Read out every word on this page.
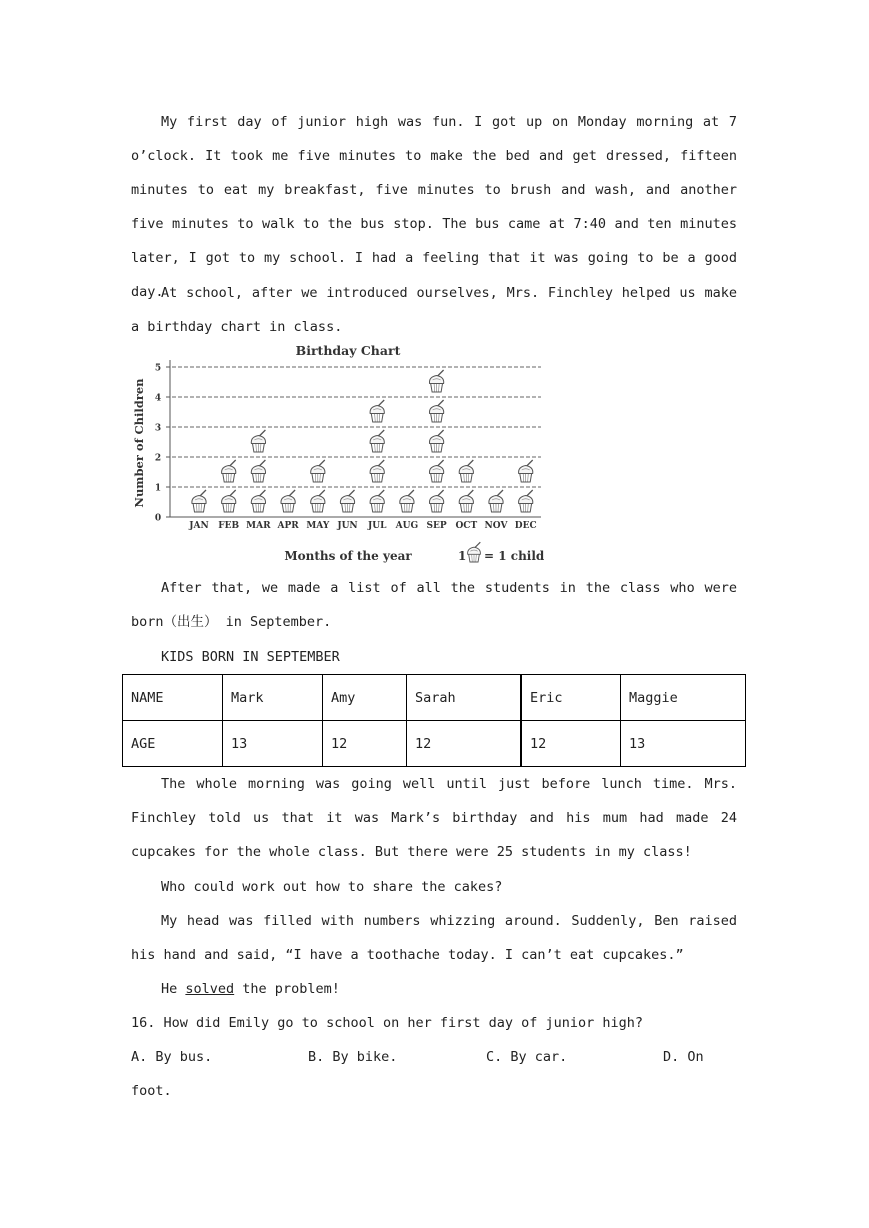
My first day of junior high was fun. I got up on Monday morning at 7 o’clock. It took me five minutes to make the bed and get dressed, fifteen minutes to eat my breakfast, five minutes to brush and wash, and another five minutes to walk to the bus stop. The bus came at 7:40 and ten minutes later, I got to my school. I had a feeling that it was going to be a good day.

At school, after we introduced ourselves, Mrs. Finchley helped us make a birthday chart in class.

Birthday Chart
Number of Children
0
1
2
3
4
5
JAN FEB MAR APR MAY JUN JUL AUG SEP OCT NOV DEC
Months of the year	1 = 1 child

After that, we made a list of all the students in the class who were born（出生） in September.

KIDS BORN IN SEPTEMBER
NAME	Mark	Amy	Sarah	Eric	Maggie
AGE	13	12	12	12	13

The whole morning was going well until just before lunch time. Mrs. Finchley told us that it was Mark’s birthday and his mum had made 24 cupcakes for the whole class. But there were 25 students in my class!

Who could work out how to share the cakes?

My head was filled with numbers whizzing around. Suddenly, Ben raised his hand and said, “I have a toothache today. I can’t eat cupcakes.”

He solved the problem!
16. How did Emily go to school on her first day of junior high?
A. By bus.	B. By bike.	C. By car.	D. On
foot.
